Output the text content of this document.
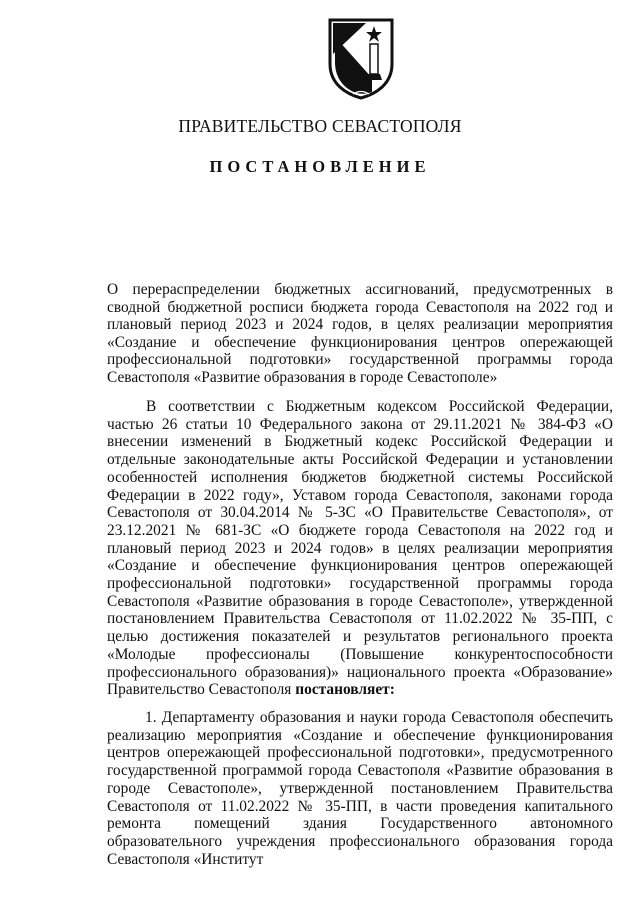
ПРАВИТЕЛЬСТВО СЕВАСТОПОЛЯ
ПОСТАНОВЛЕНИЕ

О перераспределении бюджетных ассигнований, предусмотренных в сводной бюджетной росписи бюджета города Севастополя на 2022 год и плановый период 2023 и 2024 годов, в целях реализации мероприятия «Создание и обеспечение функционирования центров опережающей профессиональной подготовки» государственной программы города Севастополя «Развитие образования в городе Севастополе»

В соответствии с Бюджетным кодексом Российской Федерации, частью 26 статьи 10 Федерального закона от 29.11.2021 № 384-ФЗ «О внесении изменений в Бюджетный кодекс Российской Федерации и отдельные законодательные акты Российской Федерации и установлении особенностей исполнения бюджетов бюджетной системы Российской Федерации в 2022 году», Уставом города Севастополя, законами города Севастополя от 30.04.2014 № 5-ЗС «О Правительстве Севастополя», от 23.12.2021 № 681-ЗС «О бюджете города Севастополя на 2022 год и плановый период 2023 и 2024 годов» в целях реализации мероприятия «Создание и обеспечение функционирования центров опережающей профессиональной подготовки» государственной программы города Севастополя «Развитие образования в городе Севастополе», утвержденной постановлением Правительства Севастополя от 11.02.2022 № 35-ПП, с целью достижения показателей и результатов регионального проекта «Молодые профессионалы (Повышение конкурентоспособности профессионального образования)» национального проекта «Образование» Правительство Севастополя постановляет:

1. Департаменту образования и науки города Севастополя обеспечить реализацию мероприятия «Создание и обеспечение функционирования центров опережающей профессиональной подготовки», предусмотренного государственной программой города Севастополя «Развитие образования в городе Севастополе», утвержденной постановлением Правительства Севастополя от 11.02.2022 № 35-ПП, в части проведения капитального ремонта помещений здания Государственного автономного образовательного учреждения профессионального образования города Севастополя «Институт
